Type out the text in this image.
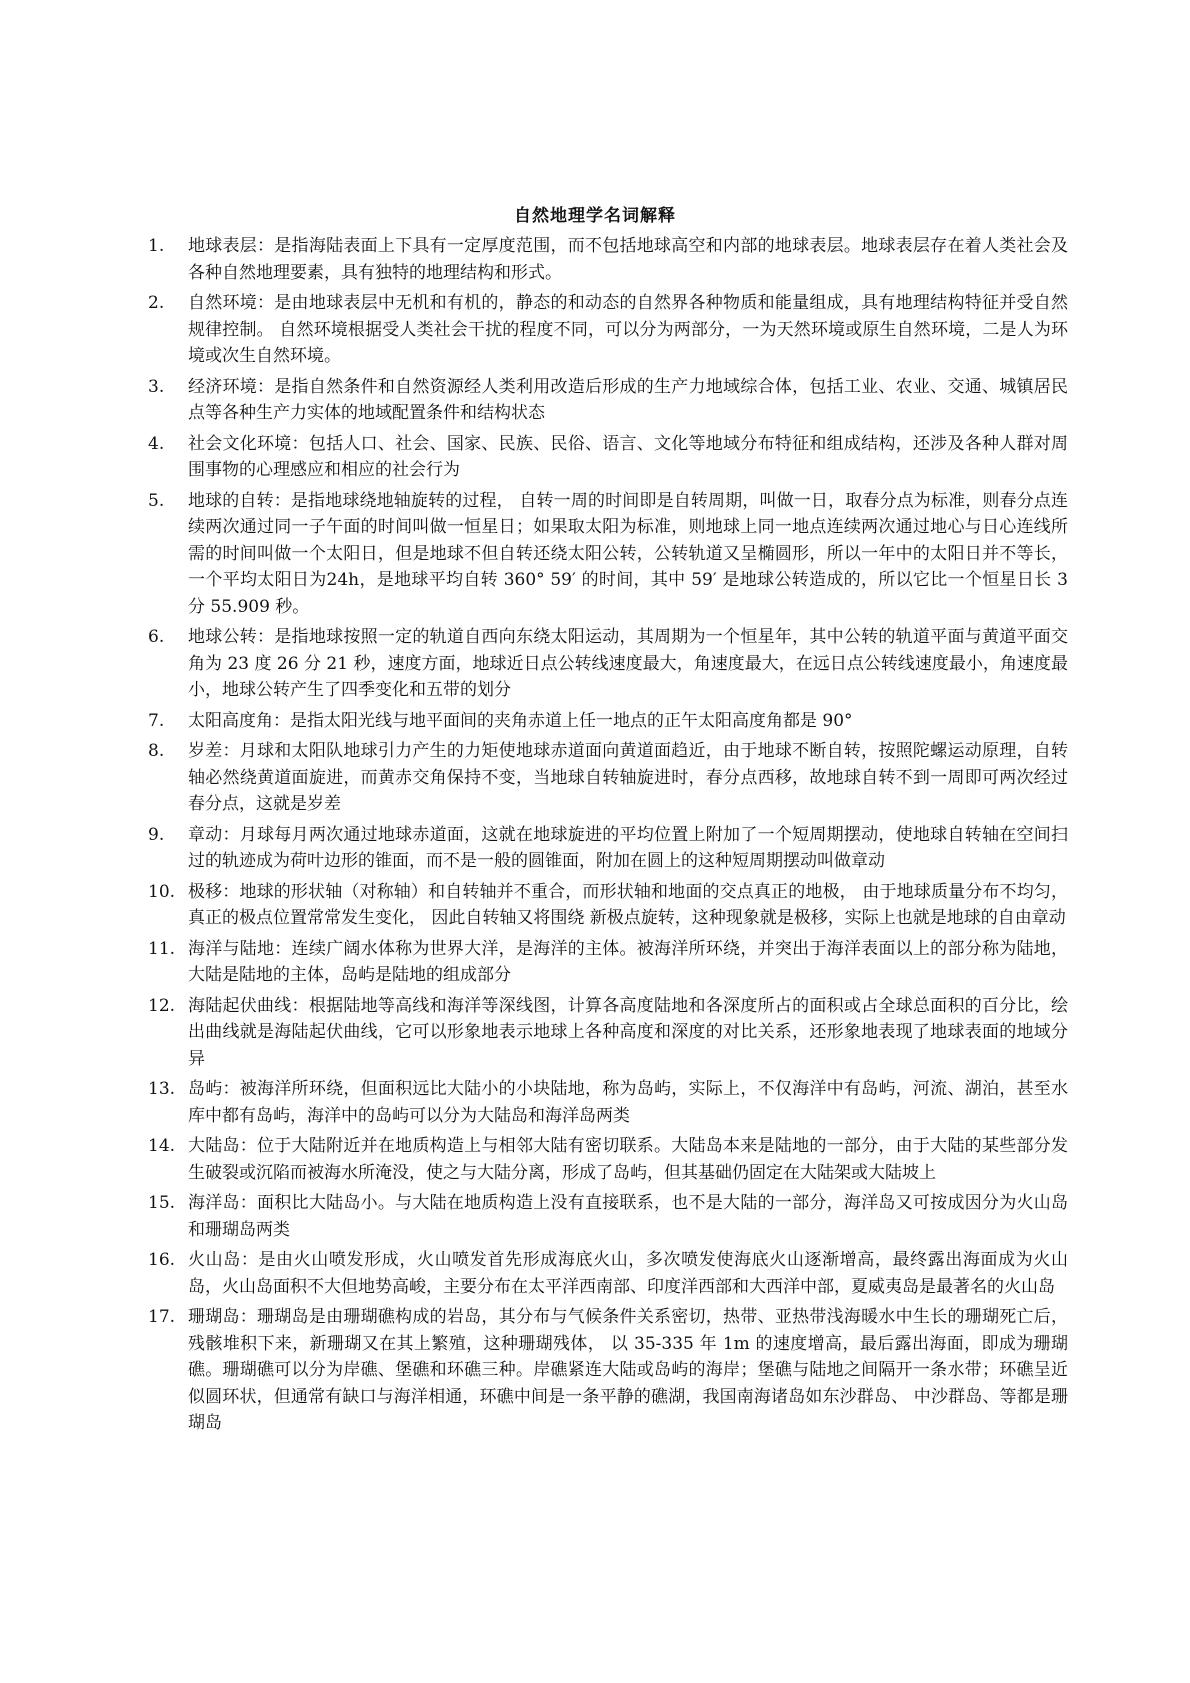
自然地理学名词解释
1.	地球表层：是指海陆表面上下具有一定厚度范围，而不包括地球高空和内部的地球表层。地球表层存在着人类社会及各种自然地理要素，具有独特的地理结构和形式。
2.	自然环境：是由地球表层中无机和有机的，静态的和动态的自然界各种物质和能量组成，具有地理结构特征并受自然规律控制。 自然环境根据受人类社会干扰的程度不同，可以分为两部分，一为天然环境或原生自然环境，二是人为环境或次生自然环境。
3.	经济环境：是指自然条件和自然资源经人类利用改造后形成的生产力地域综合体，包括工业、农业、交通、城镇居民点等各种生产力实体的地域配置条件和结构状态
4.	社会文化环境：包括人口、社会、国家、民族、民俗、语言、文化等地域分布特征和组成结构，还涉及各种人群对周围事物的心理感应和相应的社会行为
5.	地球的自转：是指地球绕地轴旋转的过程， 自转一周的时间即是自转周期，叫做一日，取春分点为标准，则春分点连续两次通过同一子午面的时间叫做一恒星日；如果取太阳为标准，则地球上同一地点连续两次通过地心与日心连线所需的时间叫做一个太阳日，但是地球不但自转还绕太阳公转，公转轨道又呈椭圆形，所以一年中的太阳日并不等长，一个平均太阳日为24h，是地球平均自转 360° 59′ 的时间，其中 59′ 是地球公转造成的，所以它比一个恒星日长 3 分 55.909 秒。
6.	地球公转：是指地球按照一定的轨道自西向东绕太阳运动，其周期为一个恒星年，其中公转的轨道平面与黄道平面交角为 23 度 26 分 21 秒，速度方面，地球近日点公转线速度最大，角速度最大，在远日点公转线速度最小，角速度最小，地球公转产生了四季变化和五带的划分
7.	太阳高度角：是指太阳光线与地平面间的夹角赤道上任一地点的正午太阳高度角都是 90°
8.	岁差：月球和太阳队地球引力产生的力矩使地球赤道面向黄道面趋近，由于地球不断自转，按照陀螺运动原理，自转轴必然绕黄道面旋进，而黄赤交角保持不变，当地球自转轴旋进时，春分点西移，故地球自转不到一周即可两次经过春分点，这就是岁差
9.	章动：月球每月两次通过地球赤道面，这就在地球旋进的平均位置上附加了一个短周期摆动，使地球自转轴在空间扫过的轨迹成为荷叶边形的锥面，而不是一般的圆锥面，附加在圆上的这种短周期摆动叫做章动
10. 极移：地球的形状轴（对称轴）和自转轴并不重合，而形状轴和地面的交点真正的地极， 由于地球质量分布不均匀，真正的极点位置常常发生变化， 因此自转轴又将围绕 新极点旋转，这种现象就是极移，实际上也就是地球的自由章动
11. 海洋与陆地：连续广阔水体称为世界大洋，是海洋的主体。被海洋所环绕，并突出于海洋表面以上的部分称为陆地，大陆是陆地的主体，岛屿是陆地的组成部分
12. 海陆起伏曲线：根据陆地等高线和海洋等深线图，计算各高度陆地和各深度所占的面积或占全球总面积的百分比，绘出曲线就是海陆起伏曲线，它可以形象地表示地球上各种高度和深度的对比关系，还形象地表现了地球表面的地域分异
13. 岛屿：被海洋所环绕，但面积远比大陆小的小块陆地，称为岛屿，实际上，不仅海洋中有岛屿，河流、湖泊，甚至水库中都有岛屿，海洋中的岛屿可以分为大陆岛和海洋岛两类
14. 大陆岛：位于大陆附近并在地质构造上与相邻大陆有密切联系。大陆岛本来是陆地的一部分，由于大陆的某些部分发生破裂或沉陷而被海水所淹没，使之与大陆分离，形成了岛屿，但其基础仍固定在大陆架或大陆坡上
15. 海洋岛：面积比大陆岛小。与大陆在地质构造上没有直接联系，也不是大陆的一部分，海洋岛又可按成因分为火山岛和珊瑚岛两类
16. 火山岛：是由火山喷发形成，火山喷发首先形成海底火山，多次喷发使海底火山逐渐增高，最终露出海面成为火山岛，火山岛面积不大但地势高峻，主要分布在太平洋西南部、印度洋西部和大西洋中部，夏威夷岛是最著名的火山岛
17. 珊瑚岛：珊瑚岛是由珊瑚礁构成的岩岛，其分布与气候条件关系密切，热带、亚热带浅海暖水中生长的珊瑚死亡后，残骸堆积下来，新珊瑚又在其上繁殖，这种珊瑚残体， 以 35-335 年 1m 的速度增高，最后露出海面，即成为珊瑚礁。珊瑚礁可以分为岸礁、堡礁和环礁三种。岸礁紧连大陆或岛屿的海岸；堡礁与陆地之间隔开一条水带；环礁呈近似圆环状，但通常有缺口与海洋相通，环礁中间是一条平静的礁湖，我国南海诸岛如东沙群岛、 中沙群岛、等都是珊瑚岛
